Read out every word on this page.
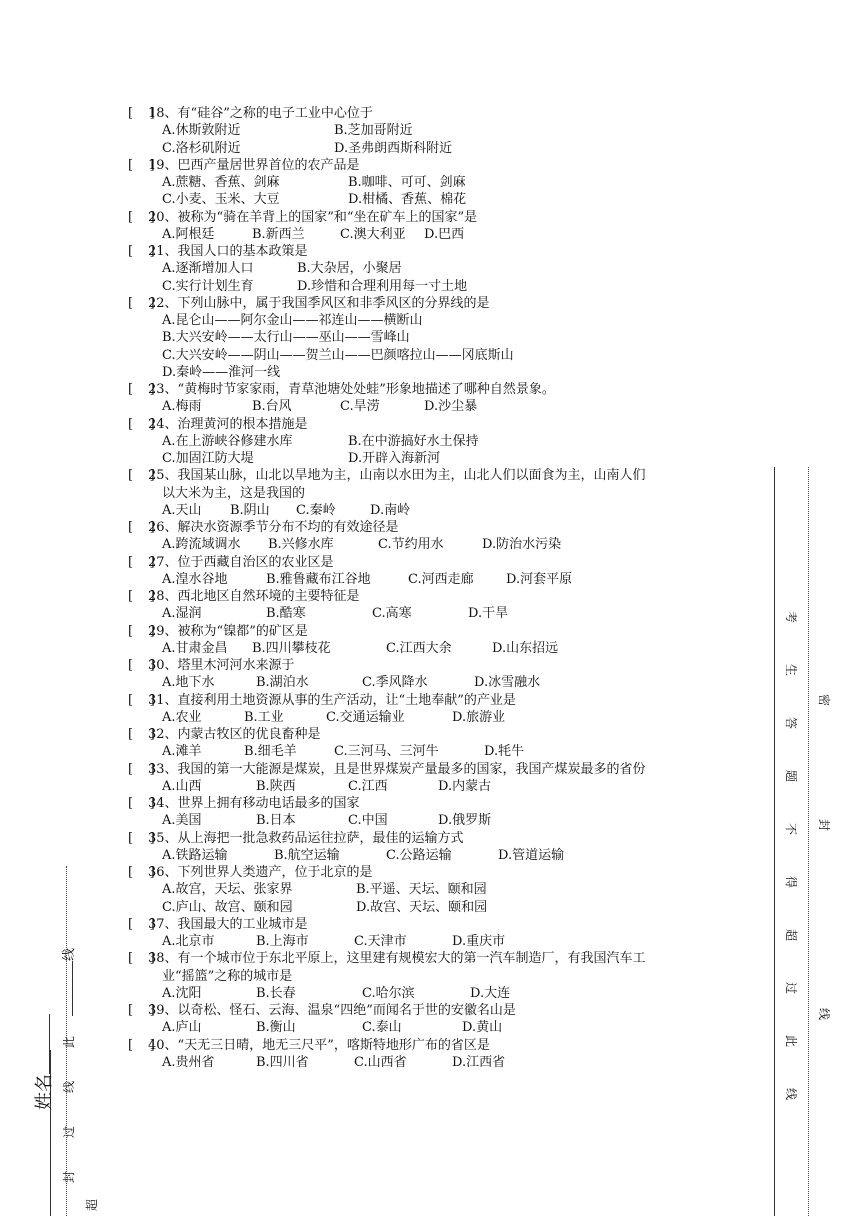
[    ]
18、有“硅谷”之称的电子工业中心位于
A.休斯敦附近	B.芝加哥附近
C.洛杉矶附近	D.圣弗朗西斯科附近
[    ]
19、巴西产量居世界首位的农产品是
A.蔗糖、香蕉、剑麻	B.咖啡、可可、剑麻
C.小麦、玉米、大豆	D.柑橘、香蕉、棉花
[    ]
20、被称为“骑在羊背上的国家”和“坐在矿车上的国家”是
A.阿根廷	B.新西兰	C.澳大利亚 D.巴西
[    ]
21、我国人口的基本政策是
A.逐渐增加人口	B.大杂居，小聚居
C.实行计划生育	D.珍惜和合理利用每一寸土地
[    ]
22、下列山脉中，属于我国季风区和非季风区的分界线的是
A.昆仑山——阿尔金山——祁连山——横断山
B.大兴安岭——太行山——巫山——雪峰山
C.大兴安岭——阴山——贺兰山——巴颜喀拉山——冈底斯山
D.秦岭——淮河一线
[    ]
23、“黄梅时节家家雨，青草池塘处处蛙”形象地描述了哪种自然景象。
A.梅雨	B.台风	C.旱涝	D.沙尘暴
[    ]
24、治理黄河的根本措施是
A.在上游峡谷修建水库	B.在中游搞好水土保持
C.加固江防大堤	D.开辟入海新河
[    ]
25、我国某山脉，山北以旱地为主，山南以水田为主，山北人们以面食为主，山南人们
以大米为主，这是我国的
A.天山 B.阴山 C.秦岭	D.南岭
[    ]
26、解决水资源季节分布不均的有效途径是
A.跨流域调水 B.兴修水库	C.节约用水	D.防治水污染
[    ]
27、位于西藏自治区的农业区是
A.湟水谷地	B.雅鲁藏布江谷地	C.河西走廊 D.河套平原
[    ]
28、西北地区自然环境的主要特征是
A.湿润	B.酷寒	C.高寒	D.干旱
[    ]
29、被称为“镍都”的矿区是
A.甘肃金昌 B.四川攀枝花	C.江西大余	D.山东招远
[    ]
30、塔里木河河水来源于
A.地下水	B.湖泊水	C.季风降水	D.冰雪融水
[    ]
31、直接利用土地资源从事的生产活动，让“土地奉献”的产业是
A.农业	B.工业	C.交通运输业	D.旅游业
[    ]
32、内蒙古牧区的优良畜种是
A.滩羊	B.细毛羊	C.三河马、三河牛	D.牦牛
[    ]
33、我国的第一大能源是煤炭，且是世界煤炭产量最多的国家，我国产煤炭最多的省份
A.山西	B.陕西	C.江西	D.内蒙古
[    ]
34、世界上拥有移动电话最多的国家
A.美国	B.日本	C.中国	D.俄罗斯
[    ]
35、从上海把一批急救药品运往拉萨，最佳的运输方式
A.铁路运输	B.航空运输	C.公路运输	D.管道运输
[    ]
36、下列世界人类遗产，位于北京的是
A.故宫，天坛、张家界	B.平遥、天坛、颐和园
C.庐山、故宫、颐和园	D.故宫、天坛、颐和园
[    ]
37、我国最大的工业城市是
A.北京市	B.上海市	C.天津市	D.重庆市
[    ]
38、有一个城市位于东北平原上，这里建有规模宏大的第一汽车制造厂，有我国汽车工
业“摇篮”之称的城市是
A.沈阳	B.长春	C.哈尔滨	D.大连
[    ]
39、以奇松、怪石、云海、温泉“四绝”而闻名于世的安徽名山是
A.庐山	B.衡山	C.泰山	D.黄山
[    ]
40、“天无三日晴，地无三尺平”，喀斯特地形广布的省区是
A.贵州省	B.四川省	C.山西省	D.江西省
考
生
答
题
不
得
超
过
此
线
密
封
线
姓名
线
封
过
此
线
超
